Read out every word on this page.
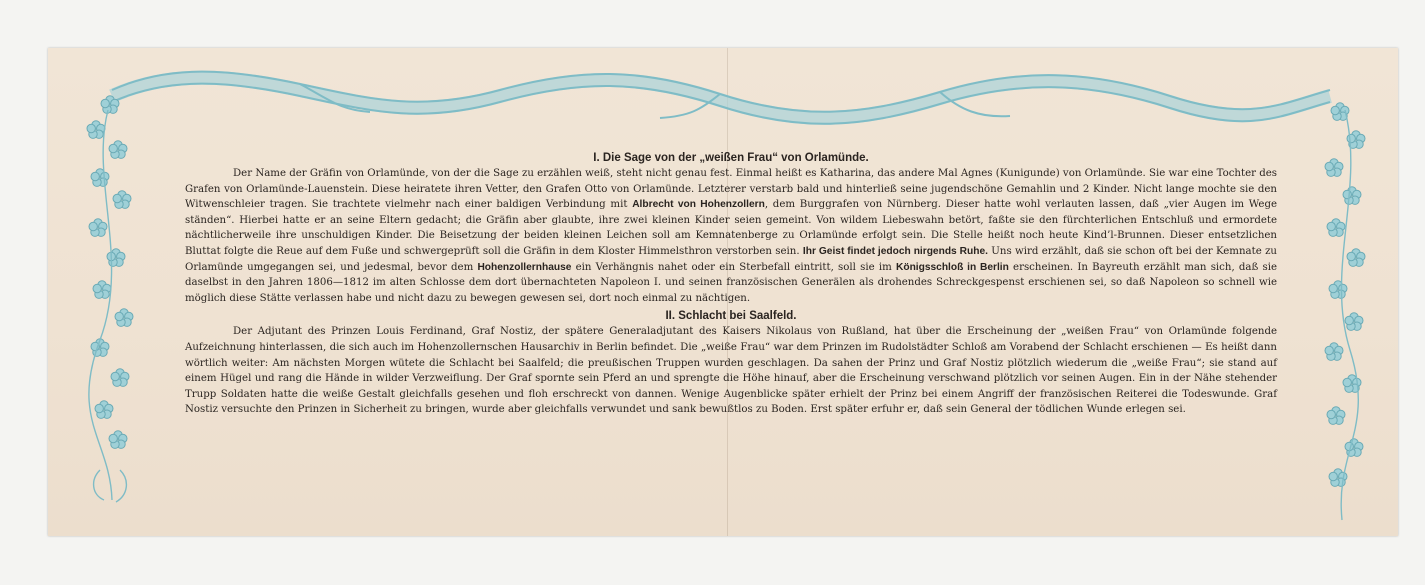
I. Die Sage von der „weißen Frau“ von Orlamünde.

Der Name der Gräfin von Orlamünde, von der die Sage zu erzählen weiß, steht nicht genau fest. Einmal heißt es Katharina, das andere Mal Agnes (Kunigunde) von Orlamünde. Sie war eine Tochter des Grafen von Orlamünde-Lauenstein. Diese heiratete ihren Vetter, den Grafen Otto von Orlamünde. Letzterer verstarb bald und hinterließ seine jugendschöne Gemahlin und 2 Kinder. Nicht lange mochte sie den Witwenschleier tragen. Sie trachtete vielmehr nach einer baldigen Verbindung mit Albrecht von Hohenzollern, dem Burggrafen von Nürnberg. Dieser hatte wohl verlauten lassen, daß „vier Augen im Wege ständen“. Hierbei hatte er an seine Eltern gedacht; die Gräfin aber glaubte, ihre zwei kleinen Kinder seien gemeint. Von wildem Liebeswahn betört, faßte sie den fürchterlichen Entschluß und ermordete nächtlicherweile ihre unschuldigen Kinder. Die Beisetzung der beiden kleinen Leichen soll am Kemnatenberge zu Orlamünde erfolgt sein. Die Stelle heißt noch heute Kind’l-Brunnen. Dieser entsetzlichen Bluttat folgte die Reue auf dem Fuße und schwergeprüft soll die Gräfin in dem Kloster Himmelsthron verstorben sein. Ihr Geist findet jedoch nirgends Ruhe. Uns wird erzählt, daß sie schon oft bei der Kemnate zu Orlamünde umgegangen sei, und jedesmal, bevor dem Hohenzollernhause ein Verhängnis nahet oder ein Sterbefall eintritt, soll sie im Königsschloß in Berlin erscheinen. In Bayreuth erzählt man sich, daß sie daselbst in den Jahren 1806—1812 im alten Schlosse dem dort übernachteten Napoleon I. und seinen französischen Generälen als drohendes Schreckgespenst erschienen sei, so daß Napoleon so schnell wie möglich diese Stätte verlassen habe und nicht dazu zu bewegen gewesen sei, dort noch einmal zu nächtigen.

II. Schlacht bei Saalfeld.

Der Adjutant des Prinzen Louis Ferdinand, Graf Nostiz, der spätere Generaladjutant des Kaisers Nikolaus von Rußland, hat über die Erscheinung der „weißen Frau“ von Orlamünde folgende Aufzeichnung hinterlassen, die sich auch im Hohenzollernschen Hausarchiv in Berlin befindet. Die „weiße Frau“ war dem Prinzen im Rudolstädter Schloß am Vorabend der Schlacht erschienen — Es heißt dann wörtlich weiter: Am nächsten Morgen wütete die Schlacht bei Saalfeld; die preußischen Truppen wurden geschlagen. Da sahen der Prinz und Graf Nostiz plötzlich wiederum die „weiße Frau“; sie stand auf einem Hügel und rang die Hände in wilder Verzweiflung. Der Graf spornte sein Pferd an und sprengte die Höhe hinauf, aber die Erscheinung verschwand plötzlich vor seinen Augen. Ein in der Nähe stehender Trupp Soldaten hatte die weiße Gestalt gleichfalls gesehen und floh erschreckt von dannen. Wenige Augenblicke später erhielt der Prinz bei einem Angriff der französischen Reiterei die Todeswunde. Graf Nostiz versuchte den Prinzen in Sicherheit zu bringen, wurde aber gleichfalls verwundet und sank bewußtlos zu Boden. Erst später erfuhr er, daß sein General der tödlichen Wunde erlegen sei.
